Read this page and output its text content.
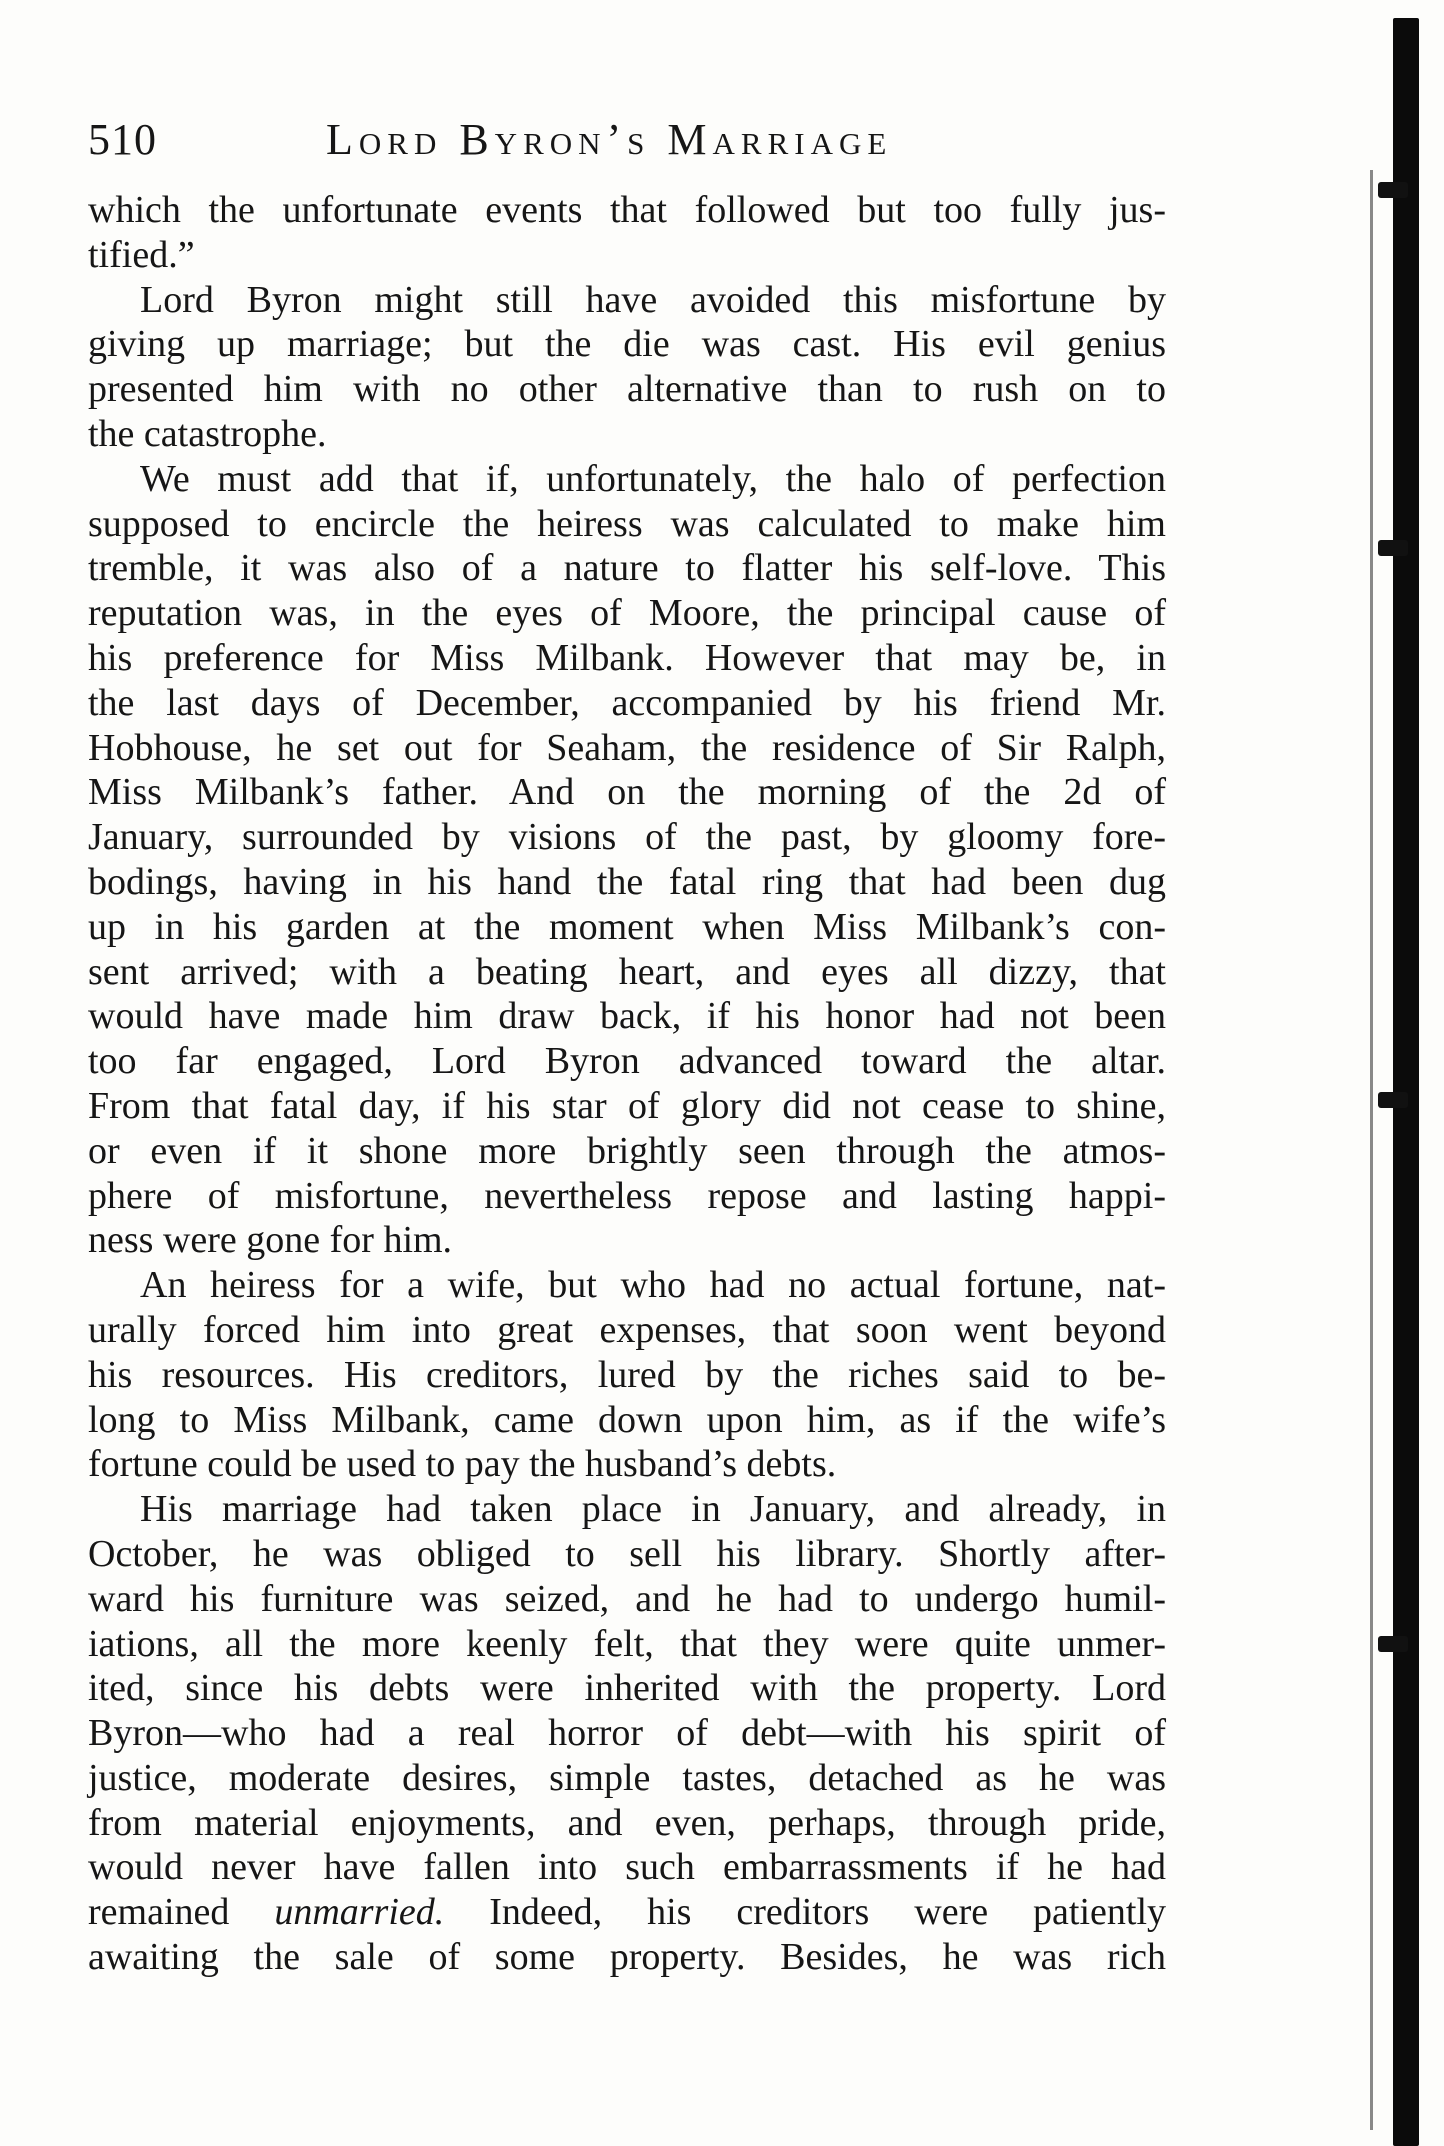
510	Lord Byron’s Marriage
which the unfortunate events that followed but too fully jus-
tified.”
Lord Byron might still have avoided this misfortune by
giving up marriage; but the die was cast. His evil genius
presented him with no other alternative than to rush on to
the catastrophe.
We must add that if, unfortunately, the halo of perfection
supposed to encircle the heiress was calculated to make him
tremble, it was also of a nature to flatter his self-love. This
reputation was, in the eyes of Moore, the principal cause of
his preference for Miss Milbank. However that may be, in
the last days of December, accompanied by his friend Mr.
Hobhouse, he set out for Seaham, the residence of Sir Ralph,
Miss Milbank’s father. And on the morning of the 2d of
January, surrounded by visions of the past, by gloomy fore-
bodings, having in his hand the fatal ring that had been dug
up in his garden at the moment when Miss Milbank’s con-
sent arrived; with a beating heart, and eyes all dizzy, that
would have made him draw back, if his honor had not been
too far engaged, Lord Byron advanced toward the altar.
From that fatal day, if his star of glory did not cease to shine,
or even if it shone more brightly seen through the atmos-
phere of misfortune, nevertheless repose and lasting happi-
ness were gone for him.
An heiress for a wife, but who had no actual fortune, nat-
urally forced him into great expenses, that soon went beyond
his resources. His creditors, lured by the riches said to be-
long to Miss Milbank, came down upon him, as if the wife’s
fortune could be used to pay the husband’s debts.
His marriage had taken place in January, and already, in
October, he was obliged to sell his library. Shortly after-
ward his furniture was seized, and he had to undergo humil-
iations, all the more keenly felt, that they were quite unmer-
ited, since his debts were inherited with the property. Lord
Byron—who had a real horror of debt—with his spirit of
justice, moderate desires, simple tastes, detached as he was
from material enjoyments, and even, perhaps, through pride,
would never have fallen into such embarrassments if he had
remained unmarried. Indeed, his creditors were patiently
awaiting the sale of some property. Besides, he was rich
